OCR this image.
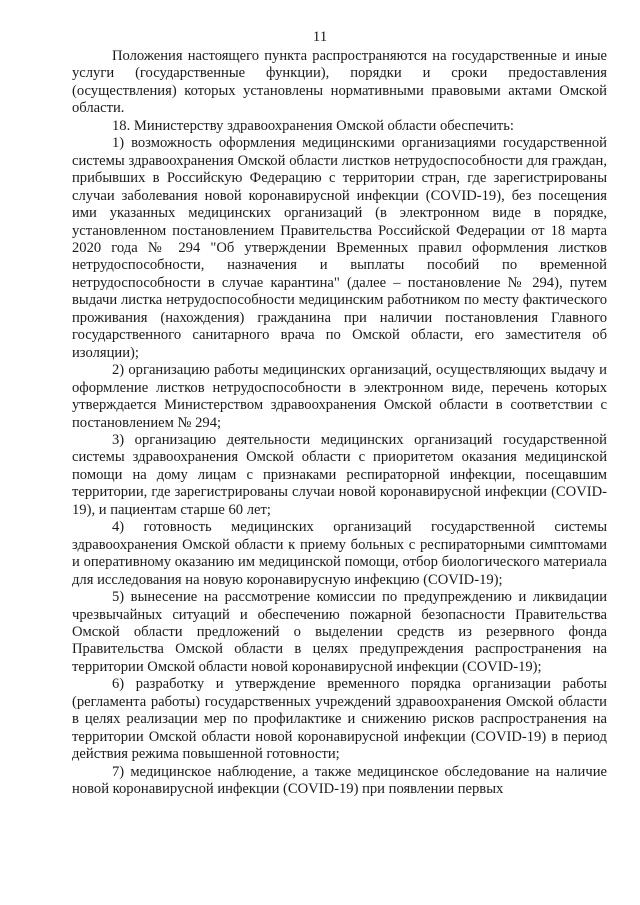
11

Положения настоящего пункта распространяются на государственные и иные услуги (государственные функции), порядки и сроки предоставления (осуществления) которых установлены нормативными правовыми актами Омской области.

18. Министерству здравоохранения Омской области обеспечить:

1) возможность оформления медицинскими организациями государственной системы здравоохранения Омской области листков нетрудоспособности для граждан, прибывших в Российскую Федерацию с территории стран, где зарегистрированы случаи заболевания новой коронавирусной инфекции (COVID-19), без посещения ими указанных медицинских организаций (в электронном виде в порядке, установленном постановлением Правительства Российской Федерации от 18 марта 2020 года № 294 "Об утверждении Временных правил оформления листков нетрудоспособности, назначения и выплаты пособий по временной нетрудоспособности в случае карантина" (далее – постановление № 294), путем выдачи листка нетрудоспособности медицинским работником по месту фактического проживания (нахождения) гражданина при наличии постановления Главного государственного санитарного врача по Омской области, его заместителя об изоляции);

2) организацию работы медицинских организаций, осуществляющих выдачу и оформление листков нетрудоспособности в электронном виде, перечень которых утверждается Министерством здравоохранения Омской области в соответствии с постановлением № 294;

3) организацию деятельности медицинских организаций государственной системы здравоохранения Омской области с приоритетом оказания медицинской помощи на дому лицам с признаками респираторной инфекции, посещавшим территории, где зарегистрированы случаи новой коронавирусной инфекции (COVID-19), и пациентам старше 60 лет;

4) готовность медицинских организаций государственной системы здравоохранения Омской области к приему больных с респираторными симптомами и оперативному оказанию им медицинской помощи, отбор биологического материала для исследования на новую коронавирусную инфекцию (COVID-19);

5) вынесение на рассмотрение комиссии по предупреждению и ликвидации чрезвычайных ситуаций и обеспечению пожарной безопасности Правительства Омской области предложений о выделении средств из резервного фонда Правительства Омской области в целях предупреждения распространения на территории Омской области новой коронавирусной инфекции (COVID-19);

6) разработку и утверждение временного порядка организации работы (регламента работы) государственных учреждений здравоохранения Омской области в целях реализации мер по профилактике и снижению рисков распространения на территории Омской области новой коронавирусной инфекции (COVID-19) в период действия режима повышенной готовности;

7) медицинское наблюдение, а также медицинское обследование на наличие новой коронавирусной инфекции (COVID-19) при появлении первых
